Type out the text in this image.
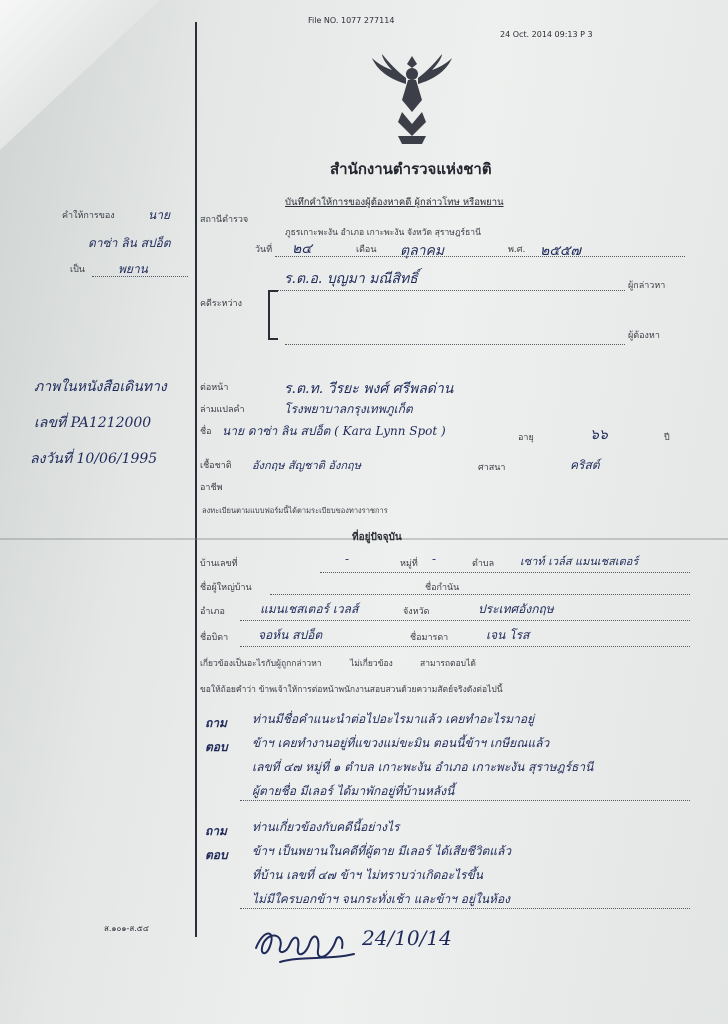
File NO. 1077 277114
24 Oct. 2014 09:13 P 3
สำนักงานตำรวจแห่งชาติ
บันทึกคำให้การของผู้ต้องหาคดี ผู้กล่าวโทษ หรือพยาน
คำให้การของ	นาย
ดาซ่า ลิน สปอ็ต
เป็น	พยาน
ภาพในหนังสือเดินทาง
เลขที่ PA1212000
ลงวันที่ 10/06/1995
ส.๑๐๑-ส.๕๔
สถานีตำรวจ
ภูธรเกาะพะงัน อำเภอ เกาะพะงัน จังหวัด สุราษฎร์ธานี
วันที่ ๒๔	เดือน ตุลาคม	พ.ศ. ๒๕๕๗
ร.ต.อ. บุญมา มณีสิทธิ์	ผู้กล่าวหา
คดีระหว่าง
ผู้ต้องหา
ต่อหน้า	ร.ต.ท. วีรยะ พงศ์ ศรีพลด่าน
ล่ามแปลคำ	โรงพยาบาลกรุงเทพภูเก็ต
ชื่อ นาย ดาซ่า ลิน สปอ็ต ( Kara Lynn Spot )	อายุ	๖๖	ปี
เชื้อชาติ อังกฤษ สัญชาติ อังกฤษ	ศาสนา	คริสต์
อาชีพ
ลงทะเบียนตามแบบฟอร์มนี้ได้ตามระเบียบของทางราชการ
ที่อยู่ปัจจุบัน
บ้านเลขที่	-	หมู่ที่ -	ตำบล เซาท์ เวล์ส แมนเชสเตอร์
ชื่อผู้ใหญ่บ้าน	ชื่อกำนัน
อำเภอ	แมนเชสเตอร์ เวลส์	จังหวัด	ประเทศอังกฤษ
ชื่อบิดา จอห์น สปอ็ต	ชื่อมารดา	เจน โรส
เกี่ยวข้องเป็นอะไรกับผู้ถูกกล่าวหา	ไม่เกี่ยวข้อง	สามารถตอบได้
ขอให้ถ้อยคำว่า ข้าพเจ้าให้การต่อหน้าพนักงานสอบสวนด้วยความสัตย์จริงดังต่อไปนี้
ถาม ท่านมีชื่อคำแนะนำต่อไปอะไรมาแล้ว เคยทำอะไรมาอยู่
ตอบ ข้าฯ เคยทำงานอยู่ที่แขวงแม่ขะมิน ตอนนี้ข้าฯ เกษียณแล้ว
เลขที่ ๔๗ หมู่ที่ ๑ ตำบล เกาะพะงัน อำเภอ เกาะพะงัน สุราษฎร์ธานี
ผู้ตายชื่อ มีเลอร์ ได้มาพักอยู่ที่บ้านหลังนี้
ถาม ท่านเกี่ยวข้องกับคดีนี้อย่างไร
ตอบ ข้าฯ เป็นพยานในคดีที่ผู้ตาย มีเลอร์ ได้เสียชีวิตแล้ว
ที่บ้าน เลขที่ ๔๗ ข้าฯ ไม่ทราบว่าเกิดอะไรขึ้น
ไม่มีใครบอกข้าฯ จนกระทั่งเช้า และข้าฯ อยู่ในห้อง
24/10/14
